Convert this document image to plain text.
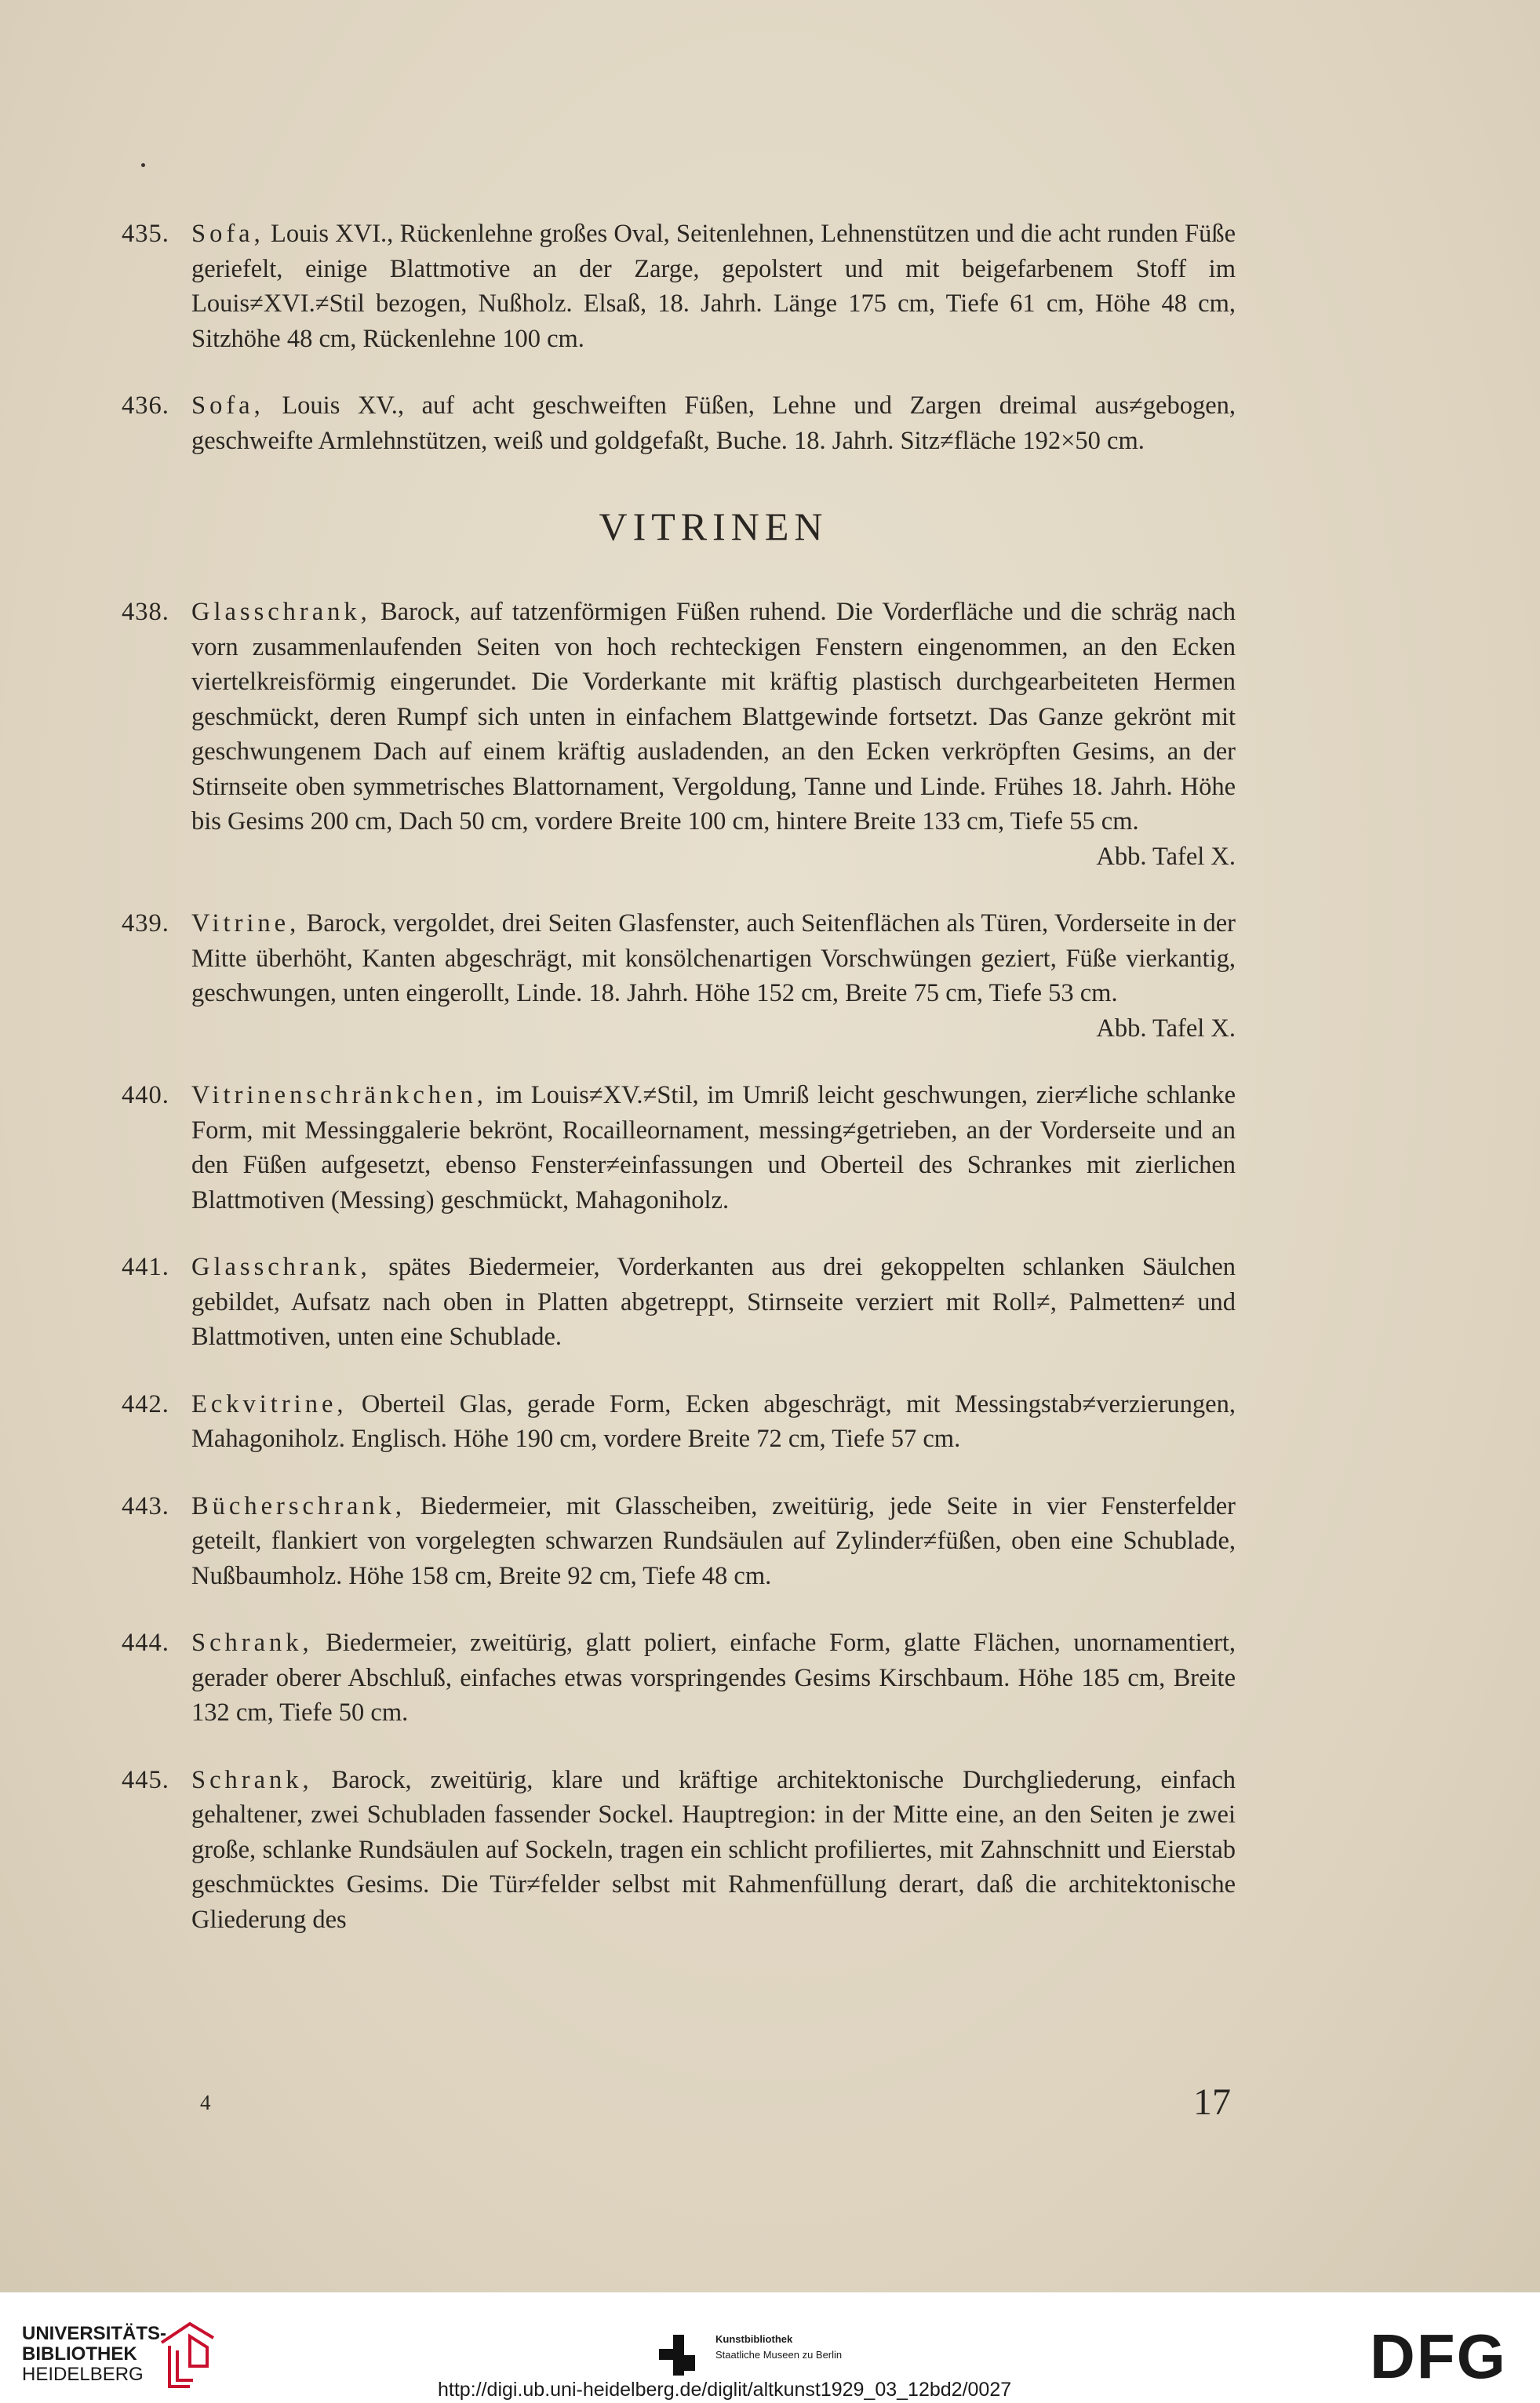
435. Sofa, Louis XVI., Rückenlehne großes Oval, Seitenlehnen, Lehnenstützen und die acht runden Füße geriefelt, einige Blattmotive an der Zarge, gepolstert und mit beigefarbenem Stoff im Louis≠XVI.≠Stil bezogen, Nußholz. Elsaß, 18. Jahrh. Länge 175 cm, Tiefe 61 cm, Höhe 48 cm, Sitzhöhe 48 cm, Rückenlehne 100 cm.
436. Sofa, Louis XV., auf acht geschweiften Füßen, Lehne und Zargen dreimal aus≠gebogen, geschweifte Armlehnstützen, weiß und goldgefaßt, Buche. 18. Jahrh. Sitz≠fläche 192×50 cm.
VITRINEN
438. Glasschrank, Barock, auf tatzenförmigen Füßen ruhend. Die Vorderfläche und die schräg nach vorn zusammenlaufenden Seiten von hoch rechteckigen Fenstern eingenommen, an den Ecken viertelkreisförmig eingerundet. Die Vorderkante mit kräftig plastisch durchgearbeiteten Hermen geschmückt, deren Rumpf sich unten in einfachem Blattgewinde fortsetzt. Das Ganze gekrönt mit geschwungenem Dach auf einem kräftig ausladenden, an den Ecken verkröpften Gesims, an der Stirnseite oben symmetrisches Blattornament, Vergoldung, Tanne und Linde. Frühes 18. Jahrh. Höhe bis Gesims 200 cm, Dach 50 cm, vordere Breite 100 cm, hintere Breite 133 cm, Tiefe 55 cm.
Abb. Tafel X.
439. Vitrine, Barock, vergoldet, drei Seiten Glasfenster, auch Seitenflächen als Türen, Vorderseite in der Mitte überhöht, Kanten abgeschrägt, mit konsölchenartigen Vorschwüngen geziert, Füße vierkantig, geschwungen, unten eingerollt, Linde. 18. Jahrh. Höhe 152 cm, Breite 75 cm, Tiefe 53 cm.
Abb. Tafel X.
440. Vitrinenschränkchen, im Louis≠XV.≠Stil, im Umriß leicht geschwungen, zier≠liche schlanke Form, mit Messinggalerie bekrönt, Rocailleornament, messing≠getrieben, an der Vorderseite und an den Füßen aufgesetzt, ebenso Fenster≠einfassungen und Oberteil des Schrankes mit zierlichen Blattmotiven (Messing) geschmückt, Mahagoniholz.
441. Glasschrank, spätes Biedermeier, Vorderkanten aus drei gekoppelten schlanken Säulchen gebildet, Aufsatz nach oben in Platten abgetreppt, Stirnseite verziert mit Roll≠, Palmetten≠ und Blattmotiven, unten eine Schublade.
442. Eckvitrine, Oberteil Glas, gerade Form, Ecken abgeschrägt, mit Messingstab≠verzierungen, Mahagoniholz. Englisch. Höhe 190 cm, vordere Breite 72 cm, Tiefe 57 cm.
443. Bücherschrank, Biedermeier, mit Glasscheiben, zweitürig, jede Seite in vier Fensterfelder geteilt, flankiert von vorgelegten schwarzen Rundsäulen auf Zylinder≠füßen, oben eine Schublade, Nußbaumholz. Höhe 158 cm, Breite 92 cm, Tiefe 48 cm.
444. Schrank, Biedermeier, zweitürig, glatt poliert, einfache Form, glatte Flächen, unornamentiert, gerader oberer Abschluß, einfaches etwas vorspringendes Gesims Kirschbaum. Höhe 185 cm, Breite 132 cm, Tiefe 50 cm.
445. Schrank, Barock, zweitürig, klare und kräftige architektonische Durchgliederung, einfach gehaltener, zwei Schubladen fassender Sockel. Hauptregion: in der Mitte eine, an den Seiten je zwei große, schlanke Rundsäulen auf Sockeln, tragen ein schlicht profiliertes, mit Zahnschnitt und Eierstab geschmücktes Gesims. Die Tür≠felder selbst mit Rahmenfüllung derart, daß die architektonische Gliederung des
4	17
UNIVERSITÄTS-
BIBLIOTHEK
HEIDELBERG
Kunstbibliothek
Staatliche Museen zu Berlin	DFG
http://digi.ub.uni-heidelberg.de/diglit/altkunst1929_03_12bd2/0027
